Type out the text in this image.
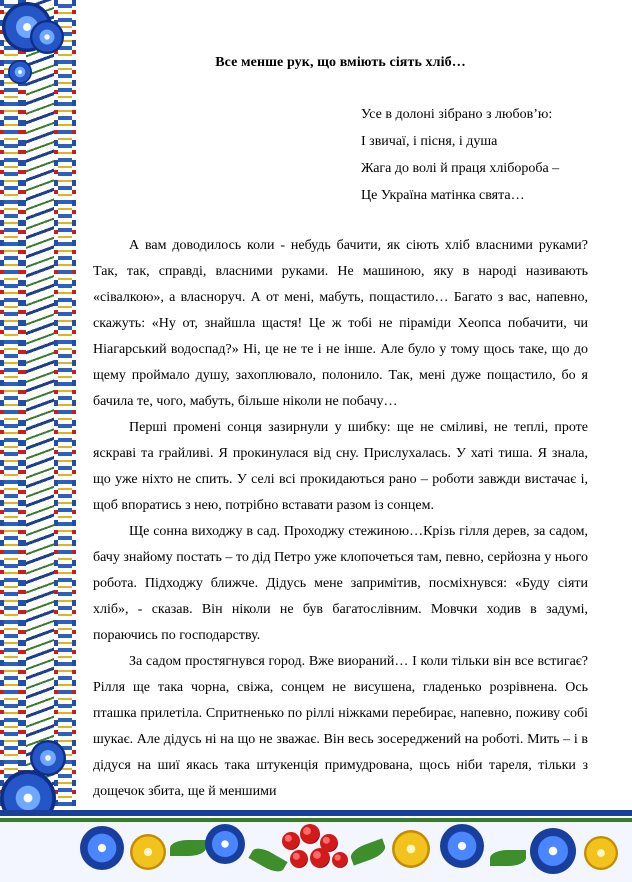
Все менше рук, що вміють сіять хліб…
Усе в долоні зібрано з любов’ю:
І звичаї, і пісня, і душа
Жага до волі й праця хлібороба –
Це Україна матінка свята…

А вам доводилось коли - небудь бачити, як сіють хліб власними руками? Так, так, справді, власними руками. Не машиною, яку в народі називають «сівалкою», а власноруч. А от мені, мабуть, пощастило… Багато з вас, напевно, скажуть: «Ну от, знайшла щастя! Це ж тобі не піраміди Хеопса побачити, чи Ніагарський водоспад?» Ні, це не те і не інше. Але було у тому щось таке, що до щему проймало душу, захоплювало, полонило. Так, мені дуже пощастило, бо я бачила те, чого, мабуть, більше ніколи не побачу…

Перші промені сонця зазирнули у шибку: ще не сміливі, не теплі, проте яскраві та грайливі. Я прокинулася від сну. Прислухалась. У хаті тиша. Я знала, що уже ніхто не спить. У селі всі прокидаються рано – роботи завжди вистачає і, щоб впоратись з нею, потрібно вставати разом із сонцем.

Ще сонна виходжу в сад. Проходжу стежиною…Крізь гілля дерев, за садом, бачу знайому постать – то дід Петро уже клопочеться там, певно, серйозна у нього робота. Підходжу ближче. Дідусь мене запримітив, посміхнувся: «Буду сіяти хліб», - сказав. Він ніколи не був багатослівним. Мовчки ходив в задумі, пораючись по господарству.

За садом простягнувся город. Вже виораний… І коли тільки він все встигає? Рілля ще така чорна, свіжа, сонцем не висушена, гладенько розрівнена. Ось пташка прилетіла. Спритненько по ріллі ніжками перебирає, напевно, поживу собі шукає. Але дідусь ні на що не зважає. Він весь зосереджений на роботі. Мить – і в дідуся на шиї якась така штукенція примудрована, щось ніби тареля, тільки з дощечок збита, ще й меншими
